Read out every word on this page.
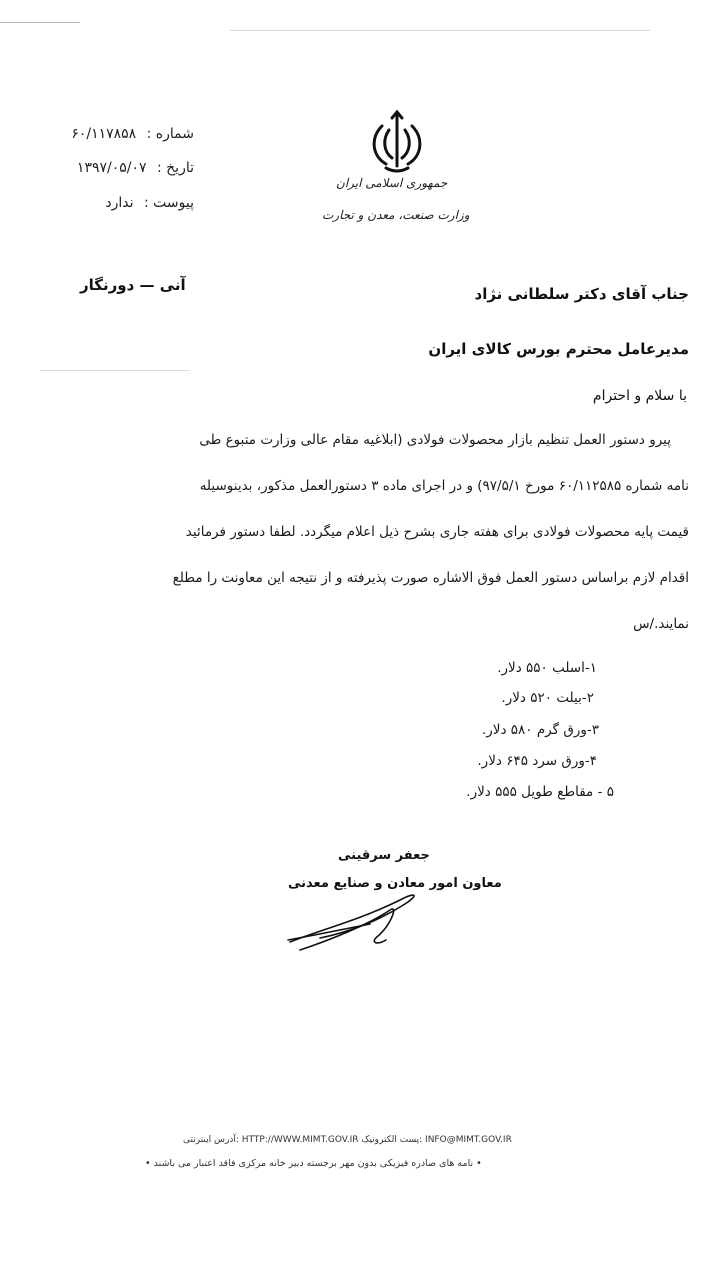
شماره : ۶۰/۱۱۷۸۵۸
تاریخ : ۱۳۹۷/۰۵/۰۷
پیوست : ندارد
جمهوری اسلامی ایران
وزارت صنعت، معدن و تجارت
آنی — دورنگار	جناب آقای دکتر سلطانی نژاد
مدیرعامل محترم بورس کالای ایران
با سلام و احترام
پیرو دستور العمل تنظیم بازار محصولات فولادی (ابلاغیه مقام عالی وزارت متبوع طی
نامه شماره ۶۰/۱۱۲۵۸۵ مورخ ۹۷/۵/۱) و در اجرای ماده ۳ دستورالعمل مذکور، بدینوسیله
قیمت پایه محصولات فولادی برای هفته جاری بشرح ذیل اعلام میگردد. لطفا دستور فرمائید
اقدام لازم براساس دستور العمل فوق الاشاره صورت پذیرفته و از نتیجه این معاونت را مطلع
نمایند./س
۱-اسلب ۵۵۰ دلار.
۲-بیلت ۵۲۰ دلار.
۳-ورق گرم ۵۸۰ دلار.
۴-ورق سرد ۶۴۵ دلار.
۵ - مقاطع طویل ۵۵۵ دلار.
جعفر سرقینی
معاون امور معادن و صنایع معدنی
INFO@MIMT.GOV.IR :پست الکترونیک HTTP://WWW.MIMT.GOV.IR :آدرس اینترنتی
• نامه های صادره فیزیکی بدون مهر برجسته دبیر خانه مرکزی فاقد اعتبار می باشند •
